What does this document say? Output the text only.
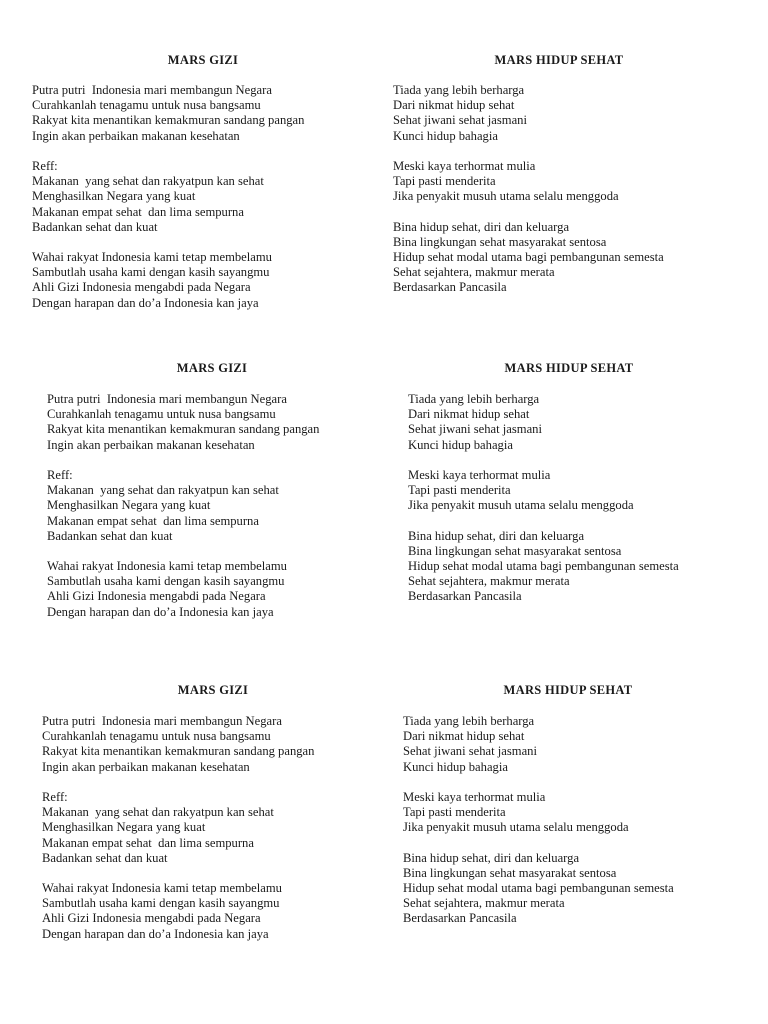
MARS GIZI
Putra putri  Indonesia mari membangun Negara
Curahkanlah tenagamu untuk nusa bangsamu
Rakyat kita menantikan kemakmuran sandang pangan
Ingin akan perbaikan makanan kesehatan
Reff:
Makanan  yang sehat dan rakyatpun kan sehat
Menghasilkan Negara yang kuat
Makanan empat sehat  dan lima sempurna
Badankan sehat dan kuat
Wahai rakyat Indonesia kami tetap membelamu
Sambutlah usaha kami dengan kasih sayangmu
Ahli Gizi Indonesia mengabdi pada Negara
Dengan harapan dan do’a Indonesia kan jaya
MARS HIDUP SEHAT
Tiada yang lebih berharga
Dari nikmat hidup sehat
Sehat jiwani sehat jasmani
Kunci hidup bahagia
Meski kaya terhormat mulia
Tapi pasti menderita
Jika penyakit musuh utama selalu menggoda
Bina hidup sehat, diri dan keluarga
Bina lingkungan sehat masyarakat sentosa
Hidup sehat modal utama bagi pembangunan semesta
Sehat sejahtera, makmur merata
Berdasarkan Pancasila
MARS GIZI
Putra putri  Indonesia mari membangun Negara
Curahkanlah tenagamu untuk nusa bangsamu
Rakyat kita menantikan kemakmuran sandang pangan
Ingin akan perbaikan makanan kesehatan
Reff:
Makanan  yang sehat dan rakyatpun kan sehat
Menghasilkan Negara yang kuat
Makanan empat sehat  dan lima sempurna
Badankan sehat dan kuat
Wahai rakyat Indonesia kami tetap membelamu
Sambutlah usaha kami dengan kasih sayangmu
Ahli Gizi Indonesia mengabdi pada Negara
Dengan harapan dan do’a Indonesia kan jaya
MARS HIDUP SEHAT
Tiada yang lebih berharga
Dari nikmat hidup sehat
Sehat jiwani sehat jasmani
Kunci hidup bahagia
Meski kaya terhormat mulia
Tapi pasti menderita
Jika penyakit musuh utama selalu menggoda
Bina hidup sehat, diri dan keluarga
Bina lingkungan sehat masyarakat sentosa
Hidup sehat modal utama bagi pembangunan semesta
Sehat sejahtera, makmur merata
Berdasarkan Pancasila
MARS GIZI
Putra putri  Indonesia mari membangun Negara
Curahkanlah tenagamu untuk nusa bangsamu
Rakyat kita menantikan kemakmuran sandang pangan
Ingin akan perbaikan makanan kesehatan
Reff:
Makanan  yang sehat dan rakyatpun kan sehat
Menghasilkan Negara yang kuat
Makanan empat sehat  dan lima sempurna
Badankan sehat dan kuat
Wahai rakyat Indonesia kami tetap membelamu
Sambutlah usaha kami dengan kasih sayangmu
Ahli Gizi Indonesia mengabdi pada Negara
Dengan harapan dan do’a Indonesia kan jaya
MARS HIDUP SEHAT
Tiada yang lebih berharga
Dari nikmat hidup sehat
Sehat jiwani sehat jasmani
Kunci hidup bahagia
Meski kaya terhormat mulia
Tapi pasti menderita
Jika penyakit musuh utama selalu menggoda
Bina hidup sehat, diri dan keluarga
Bina lingkungan sehat masyarakat sentosa
Hidup sehat modal utama bagi pembangunan semesta
Sehat sejahtera, makmur merata
Berdasarkan Pancasila
